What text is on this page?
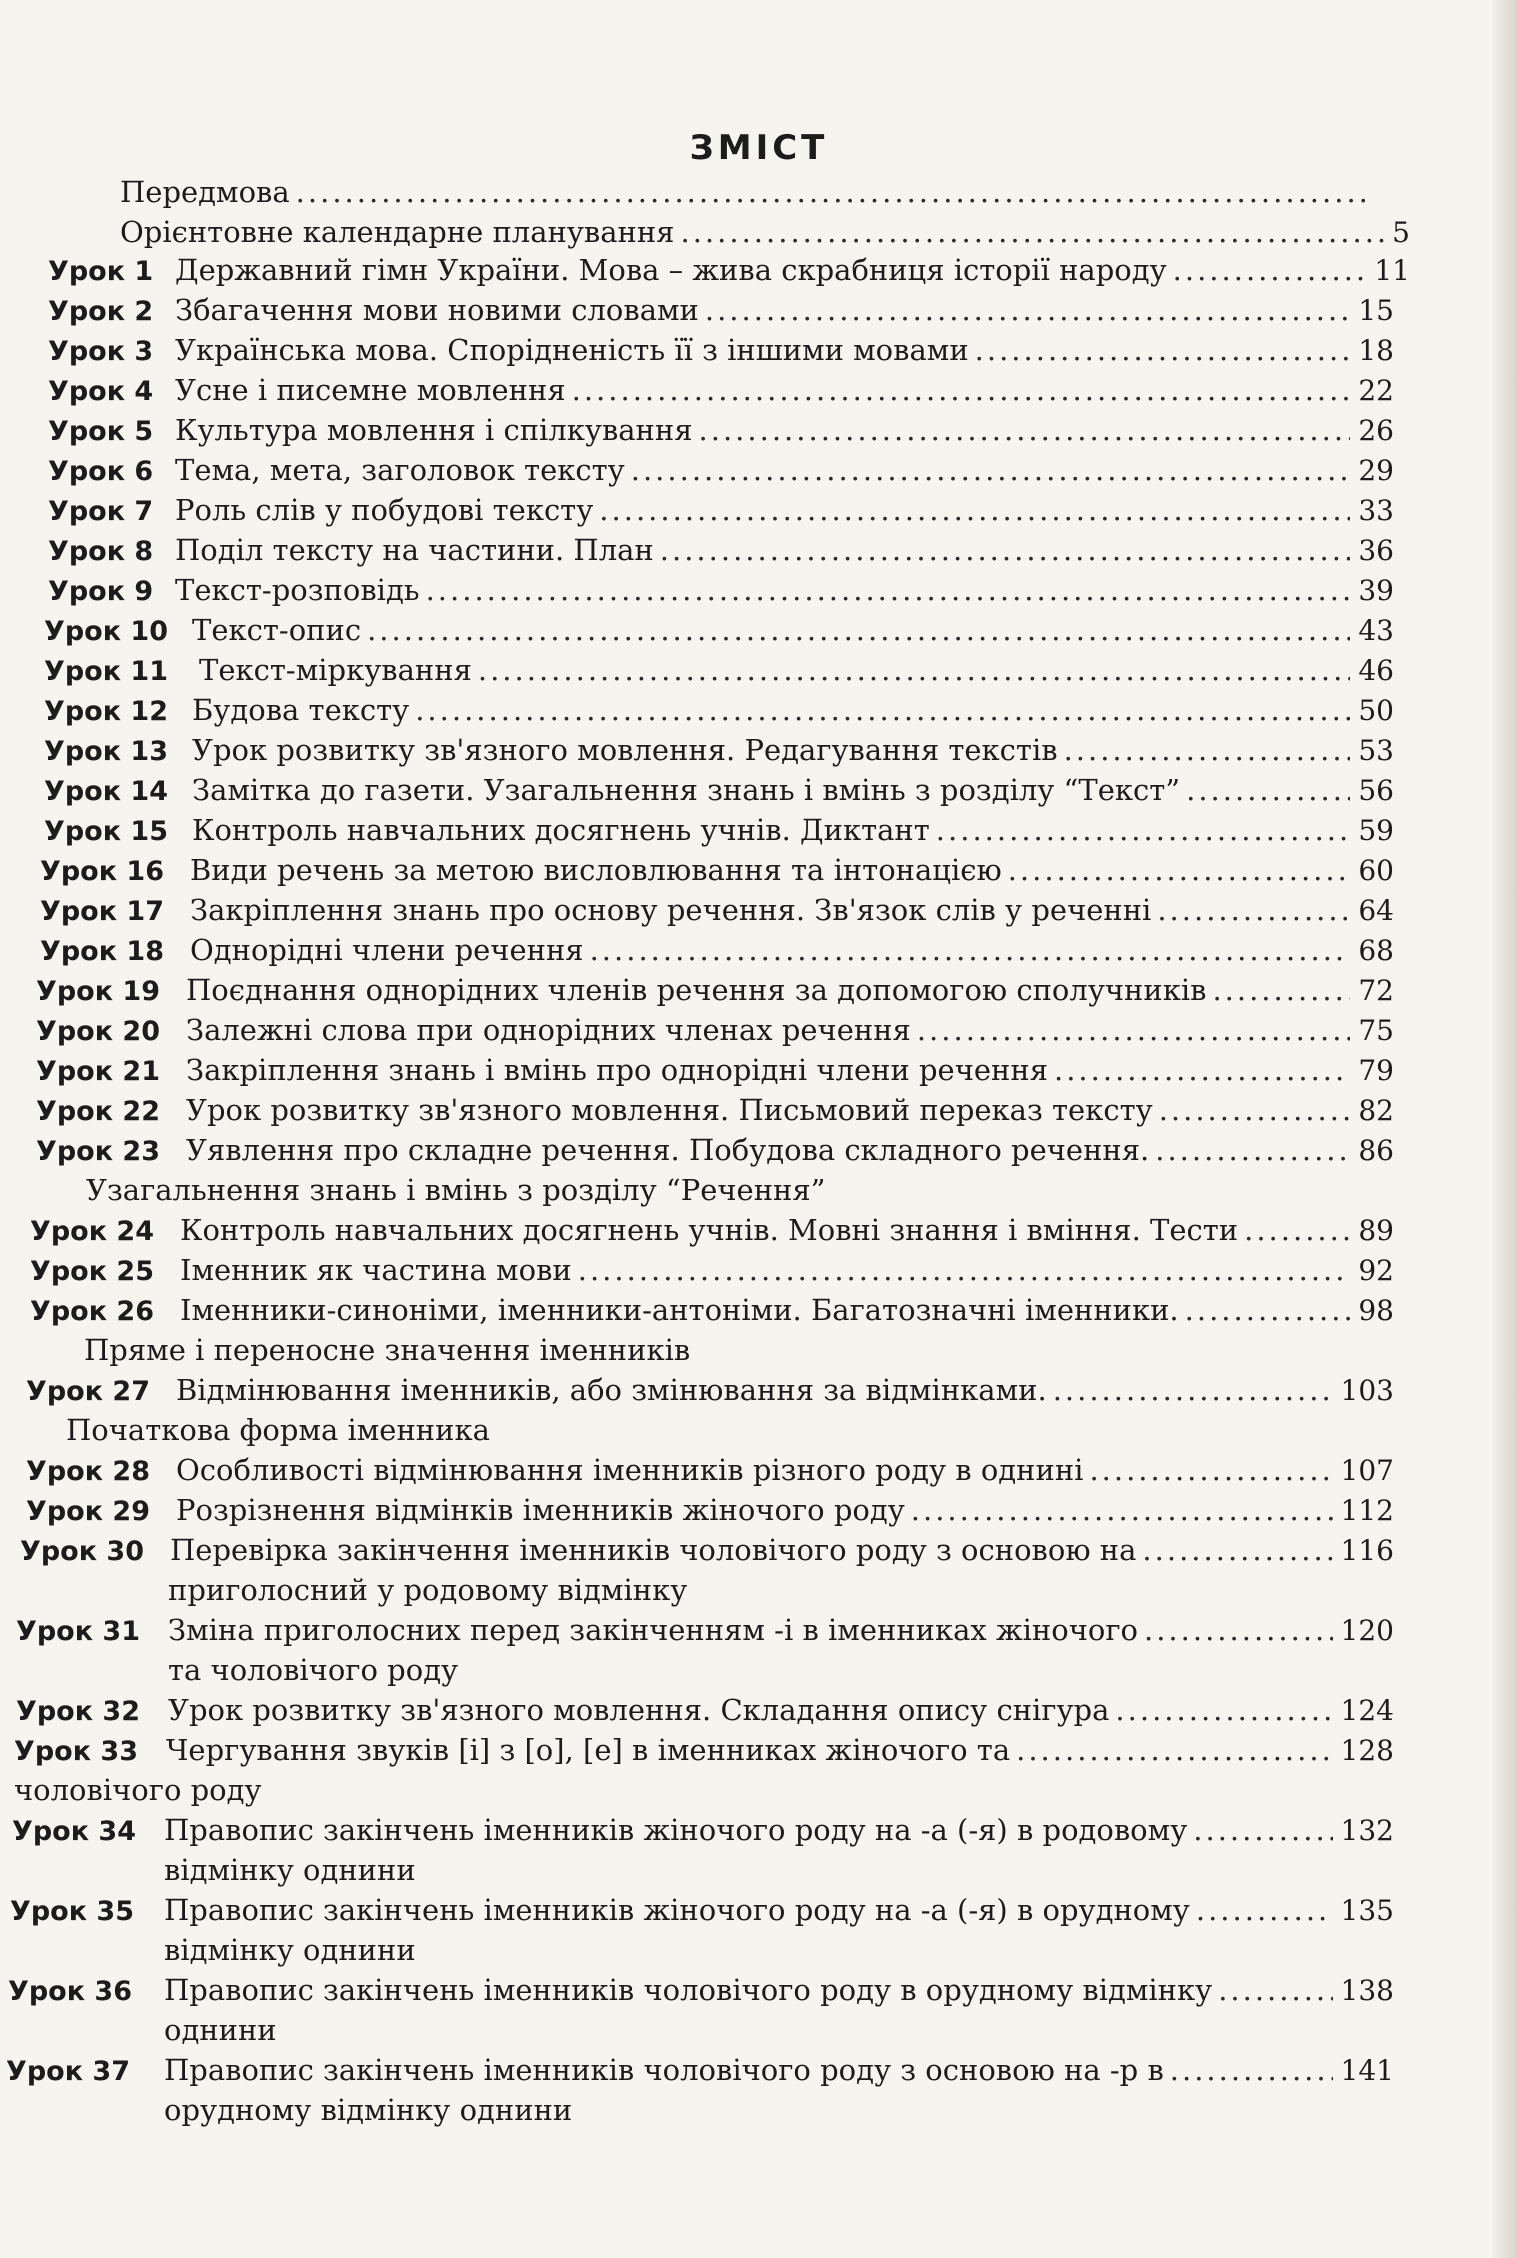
ЗМІСТ
Передмова
.....
Орієнтовне календарне планування .....	5
Урок 1 Державний гімн України. Мова – жива скрабниця історії народу .....	11
Урок 2 Збагачення мови новими словами .....	15
Урок 3 Українська мова. Спорідненість її з іншими мовами .....	18
Урок 4 Усне і писемне мовлення .....	22
Урок 5 Культура мовлення і спілкування .....	26
Урок 6 Тема, мета, заголовок тексту .....	29
Урок 7 Роль слів у побудові тексту .....	33
Урок 8 Поділ тексту на частини. План .....	36
Урок 9 Текст-розповідь .....	39
Урок 10 Текст-опис .....	43
Урок 11	Текст-міркування .....	46
Урок 12 Будова тексту .....	50
Урок 13 Урок розвитку зв'язного мовлення. Редагування текстів .....	53
Урок 14 Замітка до газети. Узагальнення знань і вмінь з розділу “Текст” .....	56
Урок 15 Контроль навчальних досягнень учнів. Диктант .....	59
Урок 16 Види речень за метою висловлювання та інтонацією .....	60
Урок 17 Закріплення знань про основу речення. Зв'язок слів у реченні .....	64
Урок 18 Однорідні члени речення .....	68
Урок 19 Поєднання однорідних членів речення за допомогою сполучників .....	72
Урок 20 Залежні слова при однорідних членах речення .....	75
Урок 21 Закріплення знань і вмінь про однорідні члени речення .....	79
Урок 22 Урок розвитку зв'язного мовлення. Письмовий переказ тексту .....	82
Урок 23 Уявлення про складне речення. Побудова складного речення. .....	86
Узагальнення знань і вмінь з розділу “Речення”
Урок 24 Контроль навчальних досягнень учнів. Мовні знання і вміння. Тести .....	89
Урок 25 Іменник як частина мови .....	92
Урок 26 Іменники-синоніми, іменники-антоніми. Багатозначні іменники. .....	98
Пряме і переносне значення іменників
Урок 27 Відмінювання іменників, або змінювання за відмінками. .....	103
Початкова форма іменника
Урок 28 Особливості відмінювання іменників різного роду в однині .....	107
Урок 29 Розрізнення відмінків іменників жіночого роду .....	112
Урок 30 Перевірка закінчення іменників чоловічого роду з основою на .....	116
приголосний у родовому відмінку
Урок 31 Зміна приголосних перед закінченням -і в іменниках жіночого .....	120
та чоловічого роду
Урок 32 Урок розвитку зв'язного мовлення. Складання опису снігура .....	124
Урок 33 Чергування звуків [і] з [о], [е] в іменниках жіночого та .....	128
чоловічого роду
Урок 34 Правопис закінчень іменників жіночого роду на -а (-я) в родовому .....	132
відмінку однини
Урок 35	Правопис закінчень іменників жіночого роду на -а (-я) в орудному .....	135
відмінку однини
Урок 36	Правопис закінчень іменників чоловічого роду в орудному відмінку .....	138
однини
Урок 37	Правопис закінчень іменників чоловічого роду з основою на -р в .....	141
орудному відмінку однини
